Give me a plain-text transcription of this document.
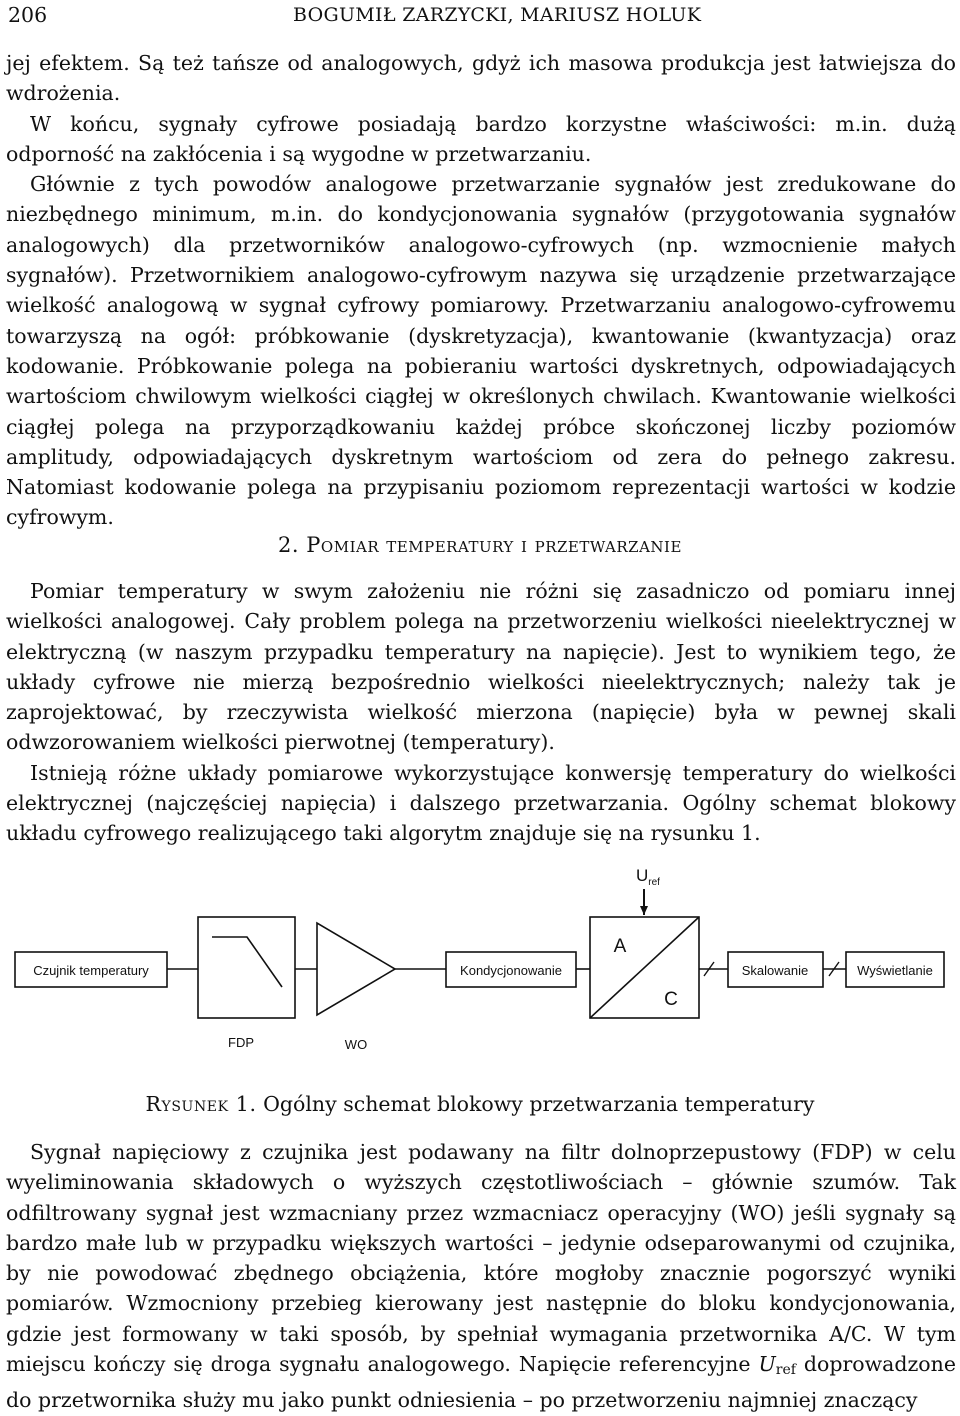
206	BOGUMIŁ ZARZYCKI, MARIUSZ HOLUK

jej efektem. Są też tańsze od analogowych, gdyż ich masowa produkcja jest łatwiejsza do wdrożenia.

W końcu, sygnały cyfrowe posiadają bardzo korzystne właściwości: m.in. dużą odporność na zakłócenia i są wygodne w przetwarzaniu.

Głównie z tych powodów analogowe przetwarzanie sygnałów jest zredukowane do niezbędnego minimum, m.in. do kondycjonowania sygnałów (przygotowania sygnałów analogowych) dla przetworników analogowo-cyfrowych (np. wzmocnienie małych sygnałów). Przetwornikiem analogowo-cyfrowym nazywa się urządzenie przetwarzające wielkość analogową w sygnał cyfrowy pomiarowy. Przetwarzaniu analogowo-cyfrowemu towarzyszą na ogół: próbkowanie (dyskretyzacja), kwantowanie (kwantyzacja) oraz kodowanie. Próbkowanie polega na pobieraniu wartości dyskretnych, odpowiadających wartościom chwilowym wielkości ciągłej w określonych chwilach. Kwantowanie wielkości ciągłej polega na przyporządkowaniu każdej próbce skończonej liczby poziomów amplitudy, odpowiadających dyskretnym wartościom od zera do pełnego zakresu. Natomiast kodowanie polega na przypisaniu poziomom reprezentacji wartości w kodzie cyfrowym.

2. Pomiar temperatury i przetwarzanie

Pomiar temperatury w swym założeniu nie różni się zasadniczo od pomiaru innej wielkości analogowej. Cały problem polega na przetworzeniu wielkości nieelektrycznej w elektryczną (w naszym przypadku temperatury na napięcie). Jest to wynikiem tego, że układy cyfrowe nie mierzą bezpośrednio wielkości nieelektrycznych; należy tak je zaprojektować, by rzeczywista wielkość mierzona (napięcie) była w pewnej skali odwzorowaniem wielkości pierwotnej (temperatury).

Istnieją różne układy pomiarowe wykorzystujące konwersję temperatury do wielkości elektrycznej (najczęściej napięcia) i dalszego przetwarzania. Ogólny schemat blokowy układu cyfrowego realizującego taki algorytm znajduje się na rysunku 1.

$U_{ref}$
Czujnik temperatury
FDP	WO
Kondycjonowanie
A
C
Skalowanie	Wyświetlanie
Rysunek 1. Ogólny schemat blokowy przetwarzania temperatury

Sygnał napięciowy z czujnika jest podawany na filtr dolnoprzepustowy (FDP) w celu wyeliminowania składowych o wyższych częstotliwościach – głównie szumów. Tak odfiltrowany sygnał jest wzmacniany przez wzmacniacz operacyjny (WO) jeśli sygnały są bardzo małe lub w przypadku większych wartości – jedynie odseparowanymi od czujnika, by nie powodować zbędnego obciążenia, które mogłoby znacznie pogorszyć wyniki pomiarów. Wzmocniony przebieg kierowany jest następnie do bloku kondycjonowania, gdzie jest formowany w taki sposób, by spełniał wymagania przetwornika A/C. W tym miejscu kończy się droga sygnału analogowego. Napięcie referencyjne $U_{ref}$ doprowadzone do przetwornika służy mu jako punkt odniesienia – po przetworzeniu najmniej znaczący
